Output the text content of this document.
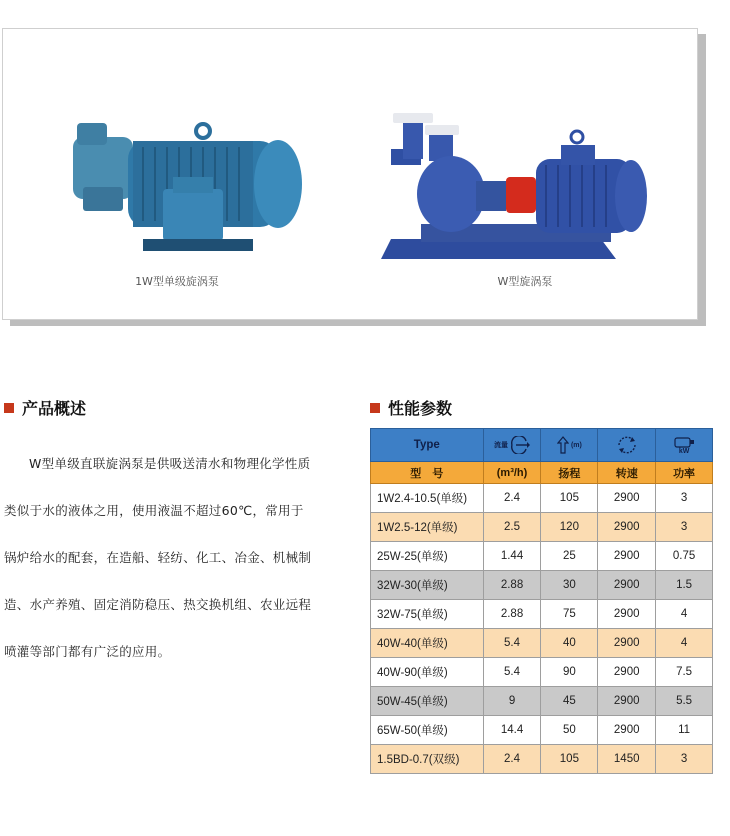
1W型单级旋涡泵	W型旋涡泵
产品概述	性能参数

W型单级直联旋涡泵是供吸送清水和物理化学性质类似于水的液体之用，使用液温不超过60℃，常用于锅炉给水的配套，在造船、轻纺、化工、冶金、机械制造、水产养殖、固定消防稳压、热交换机组、农业远程喷灌等部门都有广泛的应用。

Type	流量	(m)		kW

型　号	(m³/h)	扬程	转速	功率
1W2.4-10.5(单级)	2.4	105	2900	3
1W2.5-12(单级)	2.5	120	2900	3
25W-25(单级)	1.44	25	2900	0.75
32W-30(单级)	2.88	30	2900	1.5
32W-75(单级)	2.88	75	2900	4
40W-40(单级)	5.4	40	2900	4
40W-90(单级)	5.4	90	2900	7.5
50W-45(单级)	9	45	2900	5.5
65W-50(单级)	14.4	50	2900	11
1.5BD-0.7(双级)	2.4	105	1450	3
